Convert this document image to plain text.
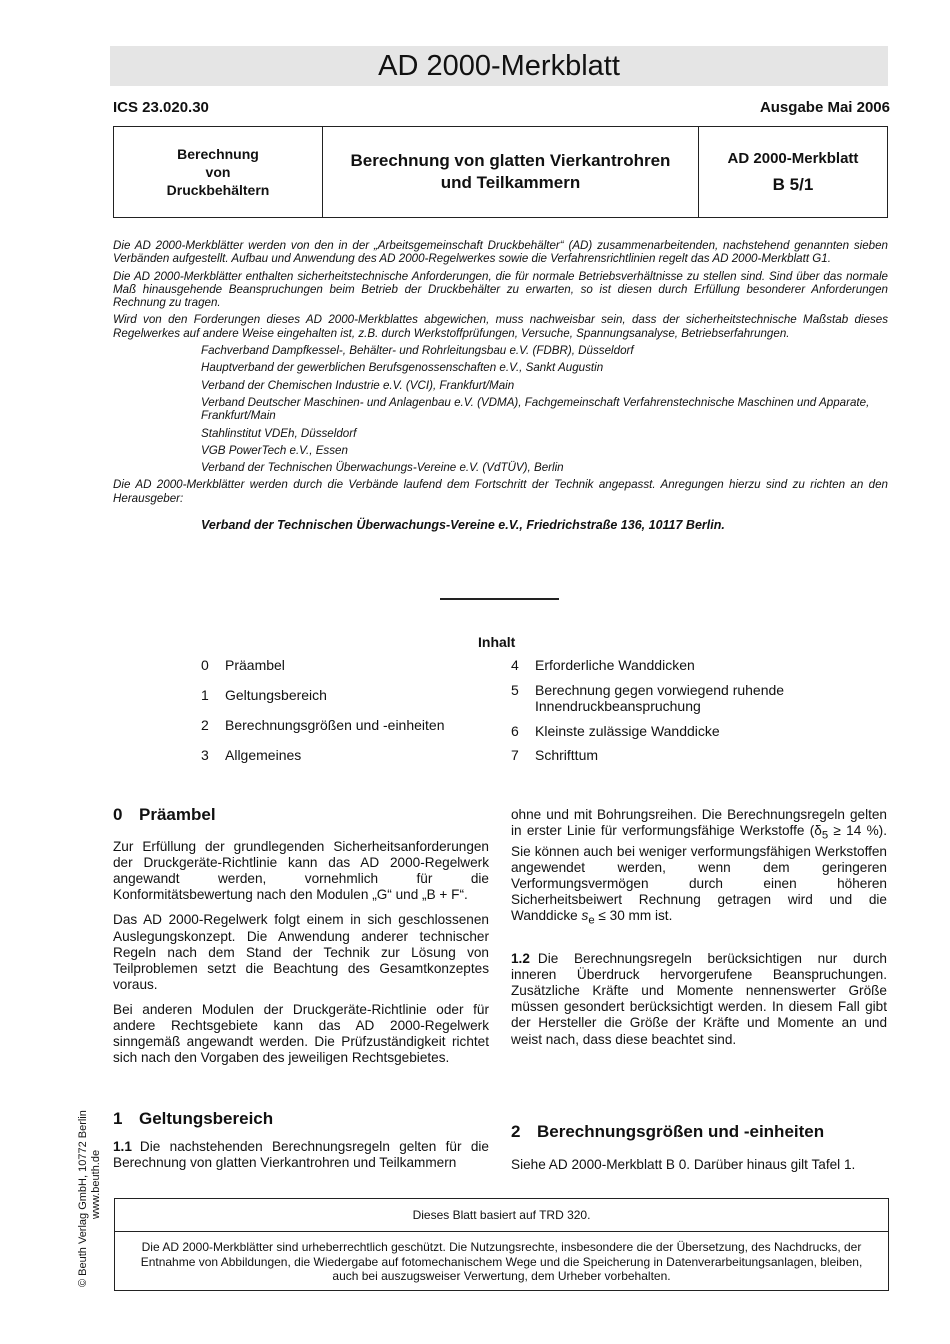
AD 2000-Merkblatt
ICS 23.020.30	Ausgabe Mai 2006
Berechnung
von
Druckbehältern
Berechnung von glatten Vierkantrohren
und Teilkammern
AD 2000-Merkblatt
B 5/1

Die AD 2000-Merkblätter werden von den in der „Arbeitsgemeinschaft Druckbehälter“ (AD) zusammenarbeitenden, nachstehend genannten sieben Verbänden aufgestellt. Aufbau und Anwendung des AD 2000-Regelwerkes sowie die Verfahrensrichtlinien regelt das AD 2000-Merkblatt G1.

Die AD 2000-Merkblätter enthalten sicherheitstechnische Anforderungen, die für normale Betriebsverhältnisse zu stellen sind. Sind über das normale Maß hinausgehende Beanspruchungen beim Betrieb der Druckbehälter zu erwarten, so ist diesen durch Erfüllung besonderer Anforderungen Rechnung zu tragen.

Wird von den Forderungen dieses AD 2000-Merkblattes abgewichen, muss nachweisbar sein, dass der sicherheitstechnische Maßstab dieses Regelwerkes auf andere Weise eingehalten ist, z.B. durch Werkstoffprüfungen, Versuche, Spannungsanalyse, Betriebserfahrungen.

Fachverband Dampfkessel-, Behälter- und Rohrleitungsbau e.V. (FDBR), Düsseldorf
Hauptverband der gewerblichen Berufsgenossenschaften e.V., Sankt Augustin
Verband der Chemischen Industrie e.V. (VCI), Frankfurt/Main
Verband Deutscher Maschinen- und Anlagenbau e.V. (VDMA), Fachgemeinschaft Verfahrenstechnische Maschinen und Apparate, Frankfurt/Main
Stahlinstitut VDEh, Düsseldorf
VGB PowerTech e.V., Essen
Verband der Technischen Überwachungs-Vereine e.V. (VdTÜV), Berlin

Die AD 2000-Merkblätter werden durch die Verbände laufend dem Fortschritt der Technik angepasst. Anregungen hierzu sind zu richten an den Herausgeber:

Verband der Technischen Überwachungs-Vereine e.V., Friedrichstraße 136, 10117 Berlin.
Inhalt
0	Präambel
1	Geltungsbereich
2	Berechnungsgrößen und -einheiten
3	Allgemeines
4	Erforderliche Wanddicken
5	Berechnung gegen vorwiegend ruhende Innendruckbeanspruchung
6	Kleinste zulässige Wanddicke
7	Schrifttum
0 Präambel

Zur Erfüllung der grundlegenden Sicherheitsanforderungen der Druckgeräte-Richtlinie kann das AD 2000-Regelwerk angewandt werden, vornehmlich für die Konformitätsbewertung nach den Modulen „G“ und „B + F“.

Das AD 2000-Regelwerk folgt einem in sich geschlossenen Auslegungskonzept. Die Anwendung anderer technischer Regeln nach dem Stand der Technik zur Lösung von Teilproblemen setzt die Beachtung des Gesamtkonzeptes voraus.

Bei anderen Modulen der Druckgeräte-Richtlinie oder für andere Rechtsgebiete kann das AD 2000-Regelwerk sinngemäß angewandt werden. Die Prüfzuständigkeit richtet sich nach den Vorgaben des jeweiligen Rechtsgebietes.

ohne und mit Bohrungsreihen. Die Berechnungsregeln gelten in erster Linie für verformungsfähige Werkstoffe ($\delta_5 \ge 14$ %). Sie können auch bei weniger verformungsfähigen Werkstoffen angewendet werden, wenn dem geringeren Verformungsvermögen durch einen höheren Sicherheitsbeiwert Rechnung getragen wird und die Wanddicke $s_e \le 30$ mm ist.

1.2 Die Berechnungsregeln berücksichtigen nur durch inneren Überdruck hervorgerufene Beanspruchungen. Zusätzliche Kräfte und Momente nennenswerter Größe müssen gesondert berücksichtigt werden. In diesem Fall gibt der Hersteller die Größe der Kräfte und Momente an und weist nach, dass diese beachtet sind.

1 Geltungsbereich

1.1 Die nachstehenden Berechnungsregeln gelten für die Berechnung von glatten Vierkantrohren und Teilkammern

2 Berechnungsgrößen und -einheiten

Siehe AD 2000-Merkblatt B 0. Darüber hinaus gilt Tafel 1.

Dieses Blatt basiert auf TRD 320.
Die AD 2000-Merkblätter sind urheberrechtlich geschützt. Die Nutzungsrechte, insbesondere die der Übersetzung, des Nachdrucks, der Entnahme von Abbildungen, die Wiedergabe auf fotomechanischem Wege und die Speicherung in Datenverarbeitungsanlagen, bleiben, auch bei auszugsweiser Verwertung, dem Urheber vorbehalten.
© Beuth Verlag GmbH, 10772 Berlin www.beuth.de
